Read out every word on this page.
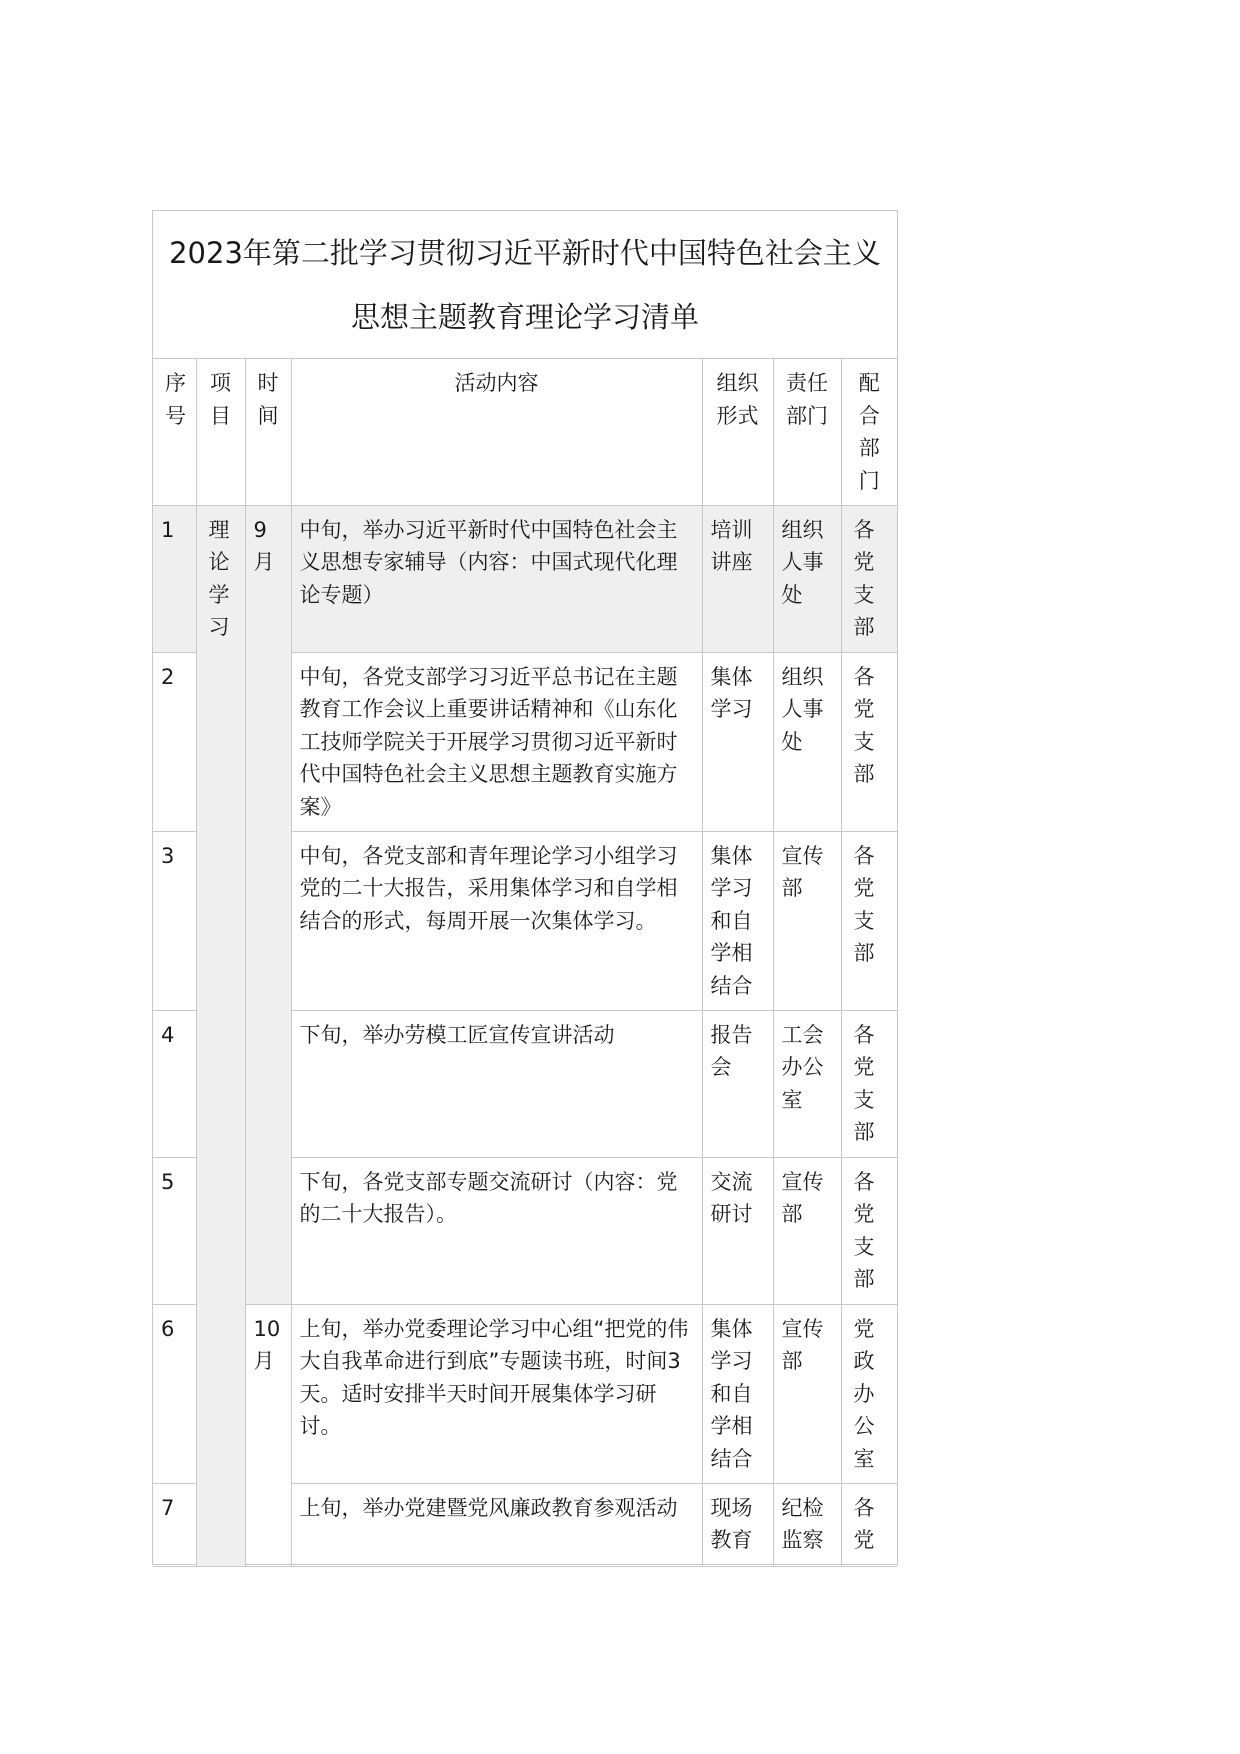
2023年第二批学习贯彻习近平新时代中国特色社会主义
思想主题教育理论学习清单
序号	项目	时间	活动内容	组织形式	责任部门	配合部门
1	理论学习	9月	中旬，举办习近平新时代中国特色社会主义思想专家辅导（内容：中国式现代化理论专题）	培训讲座	组织人事处	各党支部
2			中旬，各党支部学习习近平总书记在主题教育工作会议上重要讲话精神和《山东化工技师学院关于开展学习贯彻习近平新时代中国特色社会主义思想主题教育实施方案》	集体学习	组织人事处	各党支部
3			中旬，各党支部和青年理论学习小组学习党的二十大报告，采用集体学习和自学相结合的形式，每周开展一次集体学习。	集体学习和自学相结合	宣传部	各党支部
4			下旬，举办劳模工匠宣传宣讲活动	报告会	工会办公室	各党支部
5			下旬，各党支部专题交流研讨（内容：党的二十大报告）。	交流研讨	宣传部	各党支部
6		10月	上旬，举办党委理论学习中心组“把党的伟大自我革命进行到底”专题读书班，时间3天。适时安排半天时间开展集体学习研讨。	集体学习和自学相结合	宣传部	党政办公室
7			上旬，举办党建暨党风廉政教育参观活动	现场教育	纪检监察	各党
